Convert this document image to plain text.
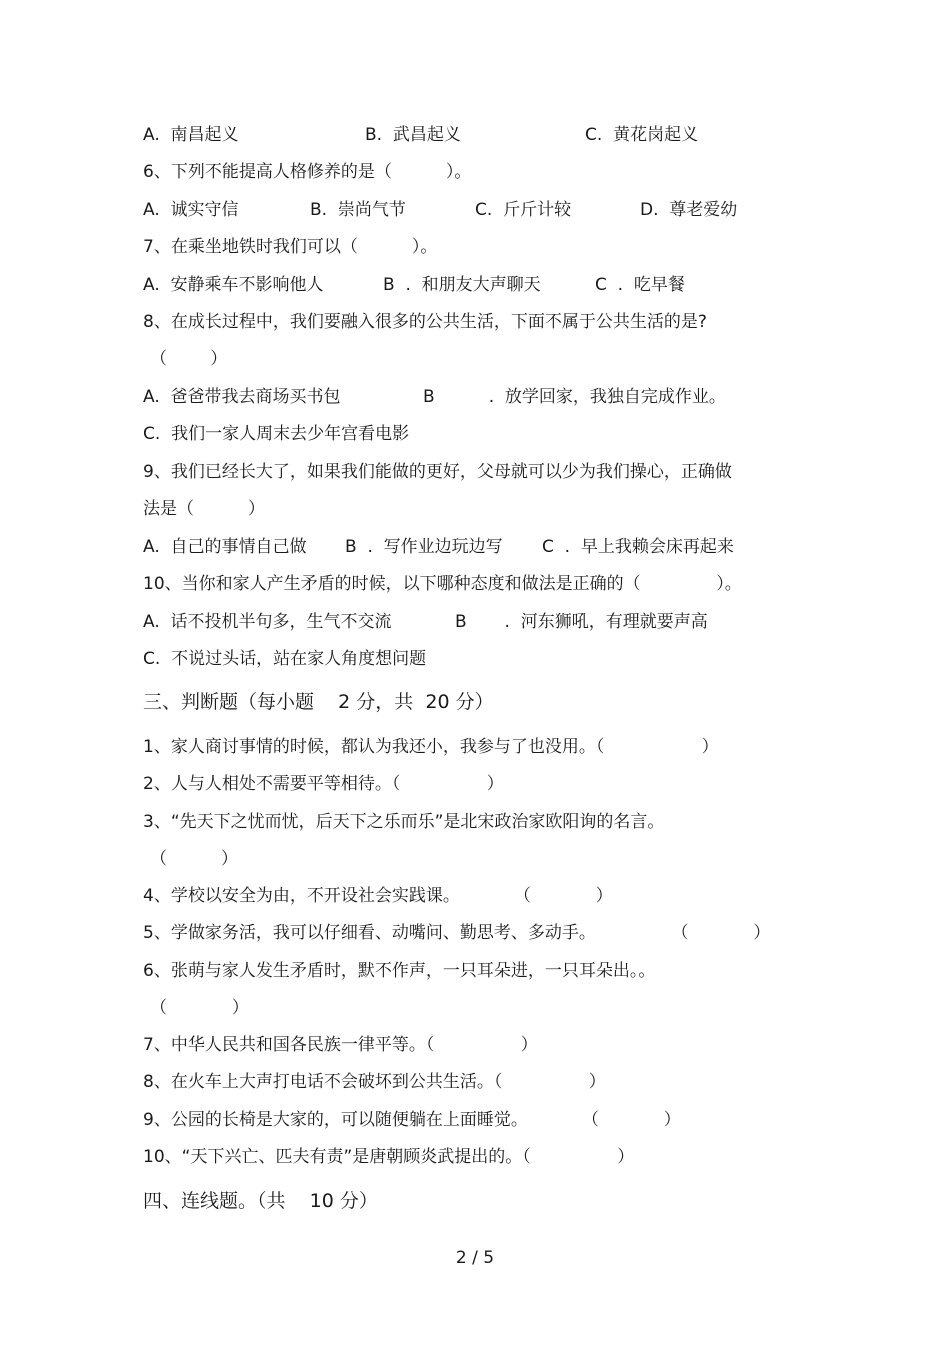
A.  南昌起义	B.  武昌起义	C.  黄花岗起义
6、下列不能提高人格修养的是（          ）。
A.  诚实守信	B.  崇尚气节	C.  斤斤计较	D.  尊老爱幼
7、在乘坐地铁时我们可以（          ）。
A.  安静乘车不影响他人	B  .  和朋友大声聊天	C  .  吃早餐
8、在成长过程中，我们要融入很多的公共生活，下面不属于公共生活的是?
（        ）
A.  爸爸带我去商场买书包	B          .  放学回家，我独自完成作业。
C.  我们一家人周末去少年宫看电影
9、我们已经长大了，如果我们能做的更好，父母就可以少为我们操心，正确做
法是（          ）
A.  自己的事情自己做 B  .  写作业边玩边写 C  .  早上我赖会床再起来
10、当你和家人产生矛盾的时候，以下哪种态度和做法是正确的（              ）。
A.  话不投机半句多，生气不交流	B       .  河东狮吼，有理就要声高
C.  不说过头话，站在家人角度想问题
三、判断题（每小题    2 分，共  20 分）
1、家人商讨事情的时候，都认为我还小，我参与了也没用。（                  ）
2、人与人相处不需要平等相待。（                ）
3、“先天下之忧而忧，后天下之乐而乐”是北宋政治家欧阳询的名言。
（          ）
4、学校以安全为由，不开设社会实践课。          （            ）
5、学做家务活，我可以仔细看、动嘴问、勤思考、多动手。              （            ）
6、张萌与家人发生矛盾时，默不作声，一只耳朵进，一只耳朵出。。
（            ）
7、中华人民共和国各民族一律平等。（                ）
8、在火车上大声打电话不会破坏到公共生活。（                ）
9、公园的长椅是大家的，可以随便躺在上面睡觉。          （            ）
10、“天下兴亡、匹夫有责”是唐朝顾炎武提出的。（                ）
四、连线题。（共    10 分）
2 / 5
